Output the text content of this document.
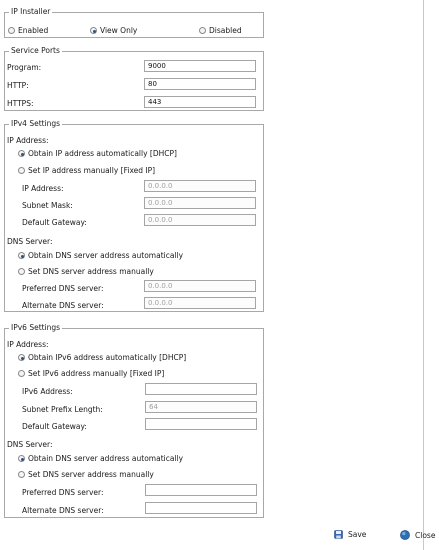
IP Installer
Enabled	View Only	Disabled
Service Ports
Program:	9000
HTTP:	80
HTTPS:	443
IPv4 Settings
IP Address:
Obtain IP address automatically [DHCP]
Set IP address manually [Fixed IP]
IP Address:	0.0.0.0
Subnet Mask:	0.0.0.0
Default Gateway:	0.0.0.0
DNS Server:
Obtain DNS server address automatically
Set DNS server address manually
Preferred DNS server:	0.0.0.0
Alternate DNS server:	0.0.0.0
IPv6 Settings
IP Address:
Obtain IPv6 address automatically [DHCP]
Set IPv6 address manually [Fixed IP]
IPv6 Address:
Subnet Prefix Length:	64
Default Gateway:
DNS Server:
Obtain DNS server address automatically
Set DNS server address manually
Preferred DNS server:
Alternate DNS server:
Save	Close
